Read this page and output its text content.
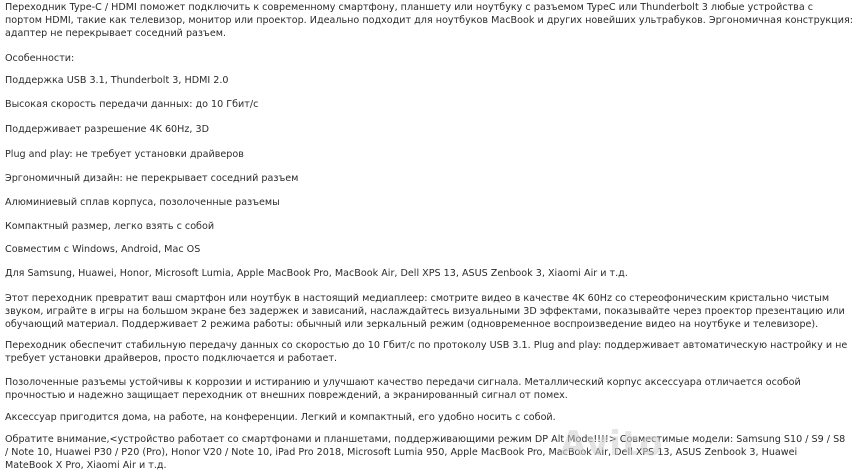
Переходник Type-C / HDMI поможет подключить к современному смартфону, планшету или ноутбуку с разъемом TypeC или Thunderbolt 3 любые устройства с

портом HDMI, такие как телевизор, монитор или проектор. Идеально подходит для ноутбуков MacBook и других новейших ультрабуков. Эргономичная конструкция:

адаптер не перекрывает соседний разъем.

Особенности:

Поддержка USB 3.1, Thunderbolt 3, HDMI 2.0

Высокая скорость передачи данных: до 10 Гбит/с

Поддерживает разрешение 4K 60Hz, 3D

Plug and play: не требует установки драйверов

Эргономичный дизайн: не перекрывает соседний разъем

Алюминиевый сплав корпуса, позолоченные разъемы

Компактный размер, легко взять с собой

Совместим с Windows, Android, Mac OS

Для Samsung, Huawei, Honor, Microsoft Lumia, Apple MacBook Pro, MacBook Air, Dell XPS 13, ASUS Zenbook 3, Xiaomi Air и т.д.

Этот переходник превратит ваш смартфон или ноутбук в настоящий медиаплеер: смотрите видео в качестве 4K 60Hz со стереофоническим кристально чистым

звуком, играйте в игры на большом экране без задержек и зависаний, наслаждайтесь визуальными 3D эффектами, показывайте через проектор презентацию или

обучающий материал. Поддерживает 2 режима работы: обычный или зеркальный режим (одновременное воспроизведение видео на ноутбуке и телевизоре).

Переходник обеспечит стабильную передачу данных со скоростью до 10 Гбит/с по протоколу USB 3.1. Plug and play: поддерживает автоматическую настройку и не

требует установки драйверов, просто подключается и работает.

Позолоченные разъемы устойчивы к коррозии и истиранию и улучшают качество передачи сигнала. Металлический корпус аксессуара отличается особой

прочностью и надежно защищает переходник от внешних повреждений, а экранированный сигнал от помех.

Аксессуар пригодится дома, на работе, на конференции. Легкий и компактный, его удобно носить с собой.

Обратите внимание,<устройство работает со смартфонами и планшетами, поддерживающими режим DP Alt Mode!!!!> Совместимые модели: Samsung S10 / S9 / S8

/ Note 10, Huawei P30 / P20 (Pro), Honor V20 / Note 10, iPad Pro 2018, Microsoft Lumia 950, Apple MacBook Pro, MacBook Air, Dell XPS 13, ASUS Zenbook 3, Huawei

MateBook X Pro, Xiaomi Air и т.д.

Avito
